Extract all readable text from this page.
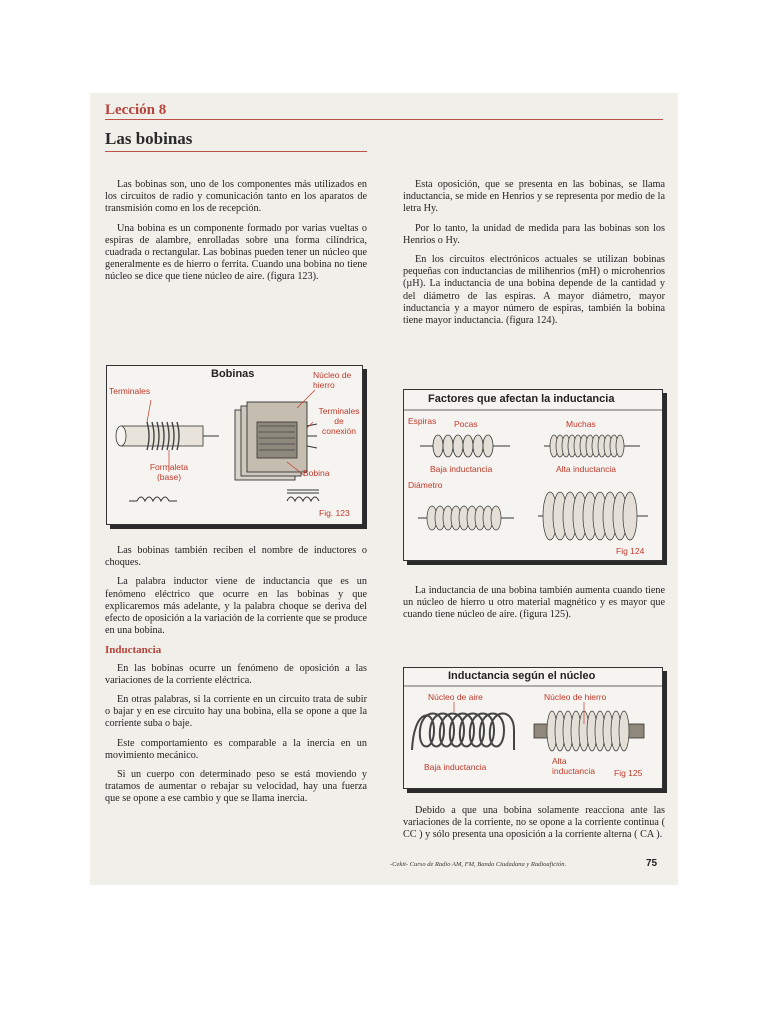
Lección 8
Las bobinas

Las bobinas son, uno de los componentes más utilizados en los circuitos de radio y comunicación tanto en los aparatos de transmisión como en los de recepción.

Una bobina es un componente formado por varias vueltas o espiras de alambre, enrolladas sobre una forma cilíndrica, cuadrada o rectangular. Las bobinas pueden tener un núcleo que generalmente es de hierro o ferrita. Cuando una bobina no tiene núcleo se dice que tiene núcleo de aire. (figura 123).

Las bobinas también reciben el nombre de inductores o choques.

La palabra inductor viene de inductancia que es un fenómeno eléctrico que ocurre en las bobinas y que explicaremos más adelante, y la palabra choque se deriva del efecto de oposición a la variación de la corriente que se produce en una bobina.

Inductancia

En las bobinas ocurre un fenómeno de oposición a las variaciones de la corriente eléctrica.

En otras palabras, si la corriente en un circuito trata de subir o bajar y en ese circuito hay una bobina, ella se opone a que la corriente suba o baje.

Este comportamiento es comparable a la inercia en un movimiento mecánico.

Si un cuerpo con determinado peso se está moviendo y tratamos de aumentar o rebajar su velocidad, hay una fuerza que se opone a ese cambio y que se llama inercia.

Esta oposición, que se presenta en las bobinas, se llama inductancia, se mide en Henrios y se representa por medio de la letra Hy.

Por lo tanto, la unidad de medida para las bobinas son los Henrios o Hy.

En los circuitos electrónicos actuales se utilizan bobinas pequeñas con inductancias de milihenrios (mH) o microhenrios (µH). La inductancia de una bobina depende de la cantidad y del diámetro de las espiras. A mayor diámetro, mayor inductancia y a mayor número de espiras, también la bobina tiene mayor inductancia. (figura 124).

La inductancia de una bobina también aumenta cuando tiene un núcleo de hierro u otro material magnético y es mayor que cuando tiene núcleo de aire. (figura 125).

Debido a que una bobina solamente reacciona ante las variaciones de la corriente, no se opone a la corriente continua ( CC ) y sólo presenta una oposición a la corriente alterna ( CA ).

Bobinas
Terminales
Formaleta (base)
Núcleo de hierro
Terminales de conexión
Bobina
Fig. 123
Factores que afectan la inductancia
Espiras Pocas	Muchas
Baja inductancia	Alta inductancia
Diámetro
Fig 124
Inductancia según el núcleo
Núcleo de aire	Núcleo de hierro
Baja inductancia
Alta inductancia Fig 125
-Cekit- Curso de Radio AM, FM, Banda Ciudadana y Radioafición.	75
